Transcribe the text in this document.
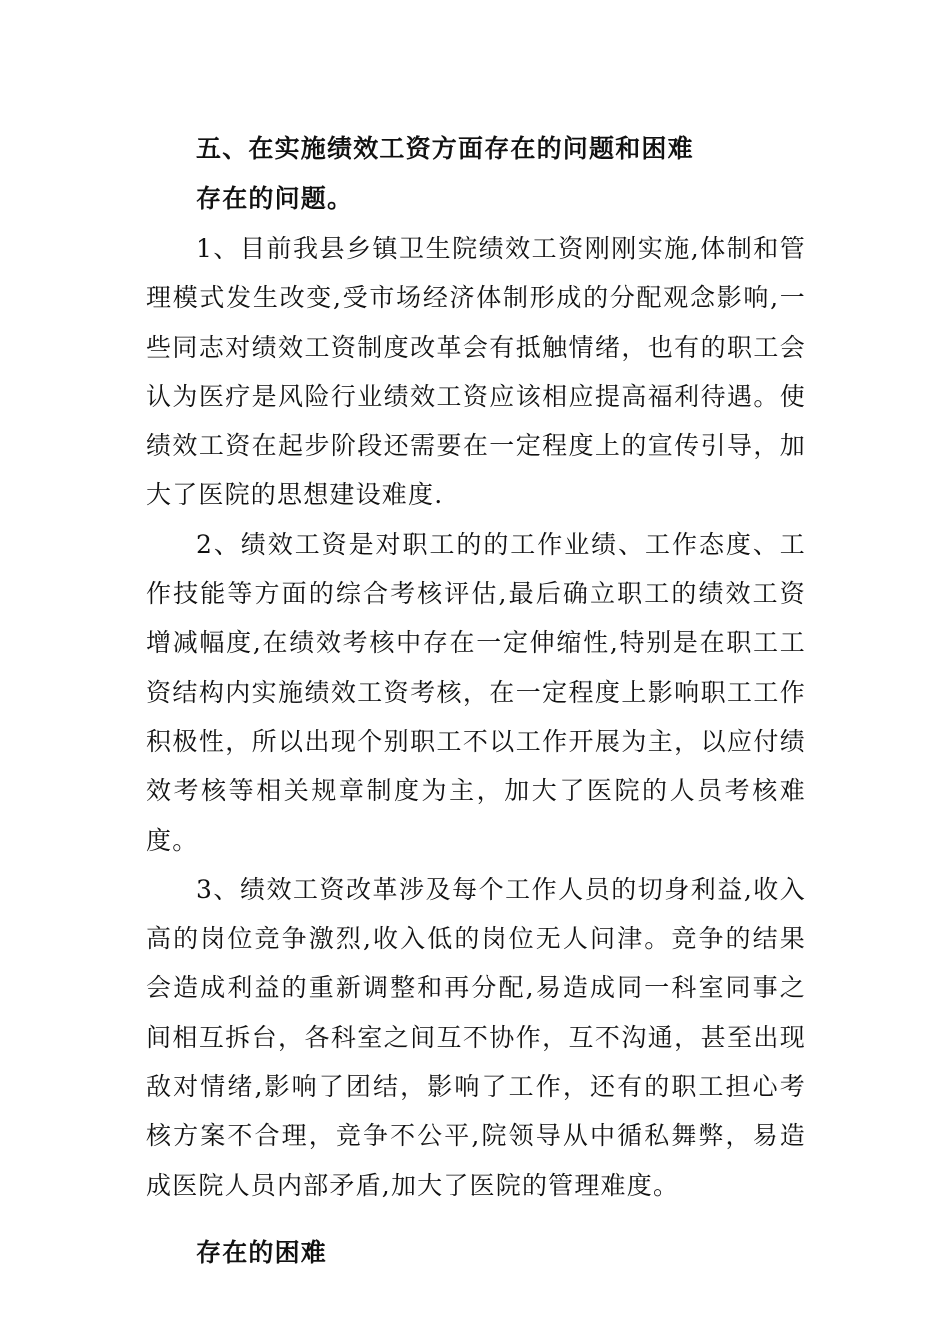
五、在实施绩效工资方面存在的问题和困难

存在的问题。

1、目前我县乡镇卫生院绩效工资刚刚实施,体制和管理模式发生改变,受市场经济体制形成的分配观念影响,一些同志对绩效工资制度改革会有抵触情绪，也有的职工会认为医疗是风险行业绩效工资应该相应提高福利待遇。使绩效工资在起步阶段还需要在一定程度上的宣传引导，加大了医院的思想建设难度.

2、绩效工资是对职工的的工作业绩、工作态度、工作技能等方面的综合考核评估,最后确立职工的绩效工资增减幅度,在绩效考核中存在一定伸缩性,特别是在职工工资结构内实施绩效工资考核，在一定程度上影响职工工作积极性，所以出现个别职工不以工作开展为主，以应付绩效考核等相关规章制度为主，加大了医院的人员考核难度。

3、绩效工资改革涉及每个工作人员的切身利益,收入高的岗位竞争激烈,收入低的岗位无人问津。竞争的结果会造成利益的重新调整和再分配,易造成同一科室同事之间相互拆台，各科室之间互不协作，互不沟通，甚至出现敌对情绪,影响了团结，影响了工作，还有的职工担心考核方案不合理，竞争不公平,院领导从中循私舞弊，易造成医院人员内部矛盾,加大了医院的管理难度。

存在的困难
